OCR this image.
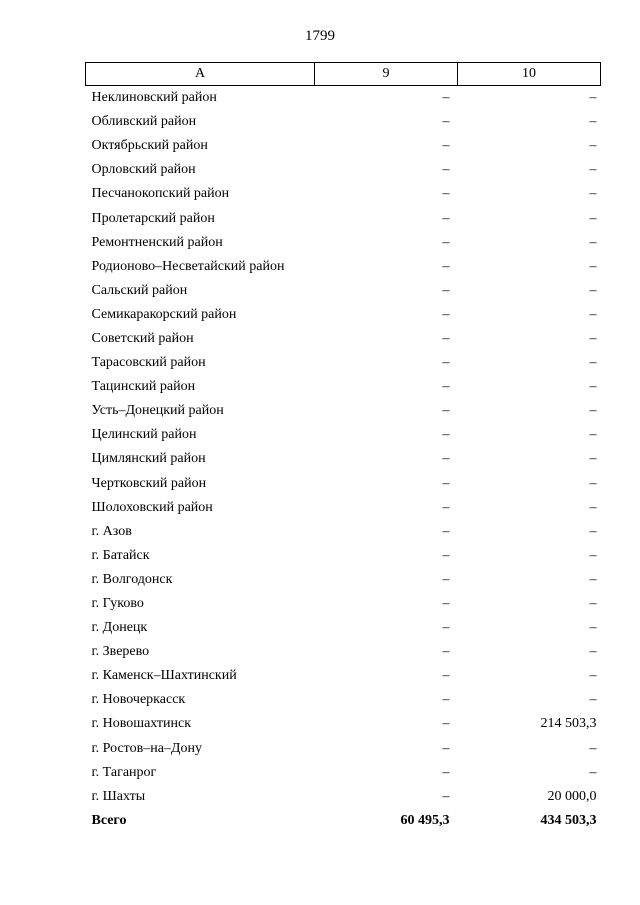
1799
А	9	10
Неклиновский район	–	–
Обливский район	–	–
Октябрьский район	–	–
Орловский район	–	–
Песчанокопский район	–	–
Пролетарский район	–	–
Ремонтненский район	–	–
Родионово–Несветайский район	–	–
Сальский район	–	–
Семикаракорский район	–	–
Советский район	–	–
Тарасовский район	–	–
Тацинский район	–	–
Усть–Донецкий район	–	–
Целинский район	–	–
Цимлянский район	–	–
Чертковский район	–	–
Шолоховский район	–	–
г. Азов	–	–
г. Батайск	–	–
г. Волгодонск	–	–
г. Гуково	–	–
г. Донецк	–	–
г. Зверево	–	–
г. Каменск–Шахтинский	–	–
г. Новочеркасск	–	–
г. Новошахтинск	–	214 503,3
г. Ростов–на–Дону	–	–
г. Таганрог	–	–
г. Шахты	–	20 000,0
Всего	60 495,3	434 503,3
